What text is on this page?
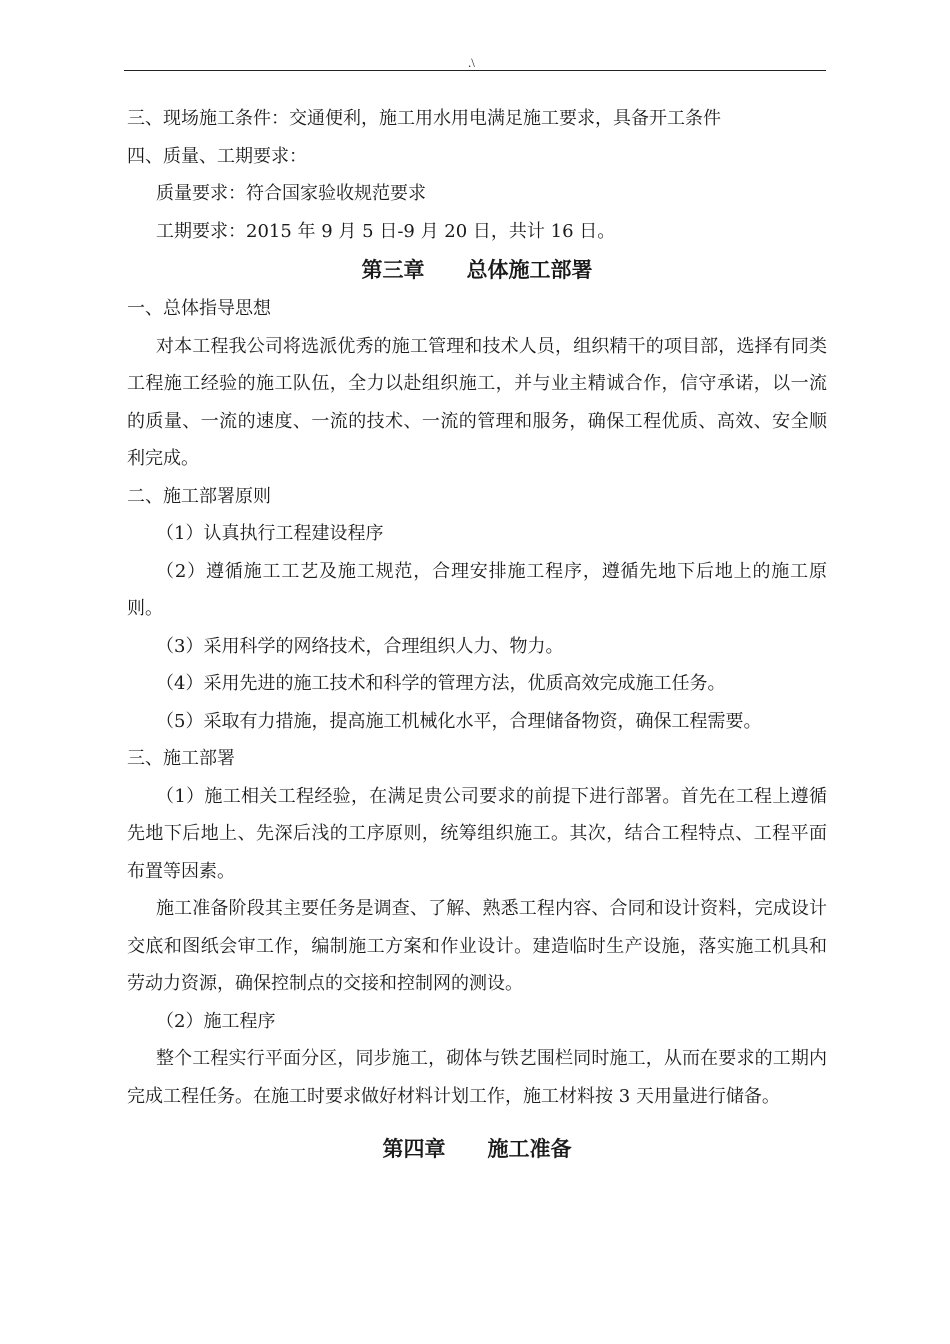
.\
三、现场施工条件：交通便利，施工用水用电满足施工要求，具备开工条件
四、质量、工期要求：
质量要求：符合国家验收规范要求
工期要求：2015 年 9 月 5 日-9 月 20 日，共计 16 日。
第三章　　总体施工部署
一、总体指导思想
对本工程我公司将选派优秀的施工管理和技术人员，组织精干的项目部，选择有同类工程施工经验的施工队伍，全力以赴组织施工，并与业主精诚合作，信守承诺，以一流的质量、一流的速度、一流的技术、一流的管理和服务，确保工程优质、高效、安全顺利完成。
二、施工部署原则
（1）认真执行工程建设程序
（2）遵循施工工艺及施工规范，合理安排施工程序，遵循先地下后地上的施工原则。
（3）采用科学的网络技术，合理组织人力、物力。
（4）采用先进的施工技术和科学的管理方法，优质高效完成施工任务。
（5）采取有力措施，提高施工机械化水平，合理储备物资，确保工程需要。
三、施工部署
（1）施工相关工程经验，在满足贵公司要求的前提下进行部署。首先在工程上遵循先地下后地上、先深后浅的工序原则，统筹组织施工。其次，结合工程特点、工程平面布置等因素。
施工准备阶段其主要任务是调查、了解、熟悉工程内容、合同和设计资料，完成设计交底和图纸会审工作，编制施工方案和作业设计。建造临时生产设施，落实施工机具和劳动力资源，确保控制点的交接和控制网的测设。
（2）施工程序
整个工程实行平面分区，同步施工，砌体与铁艺围栏同时施工，从而在要求的工期内完成工程任务。在施工时要求做好材料计划工作，施工材料按 3 天用量进行储备。
第四章　　施工准备
